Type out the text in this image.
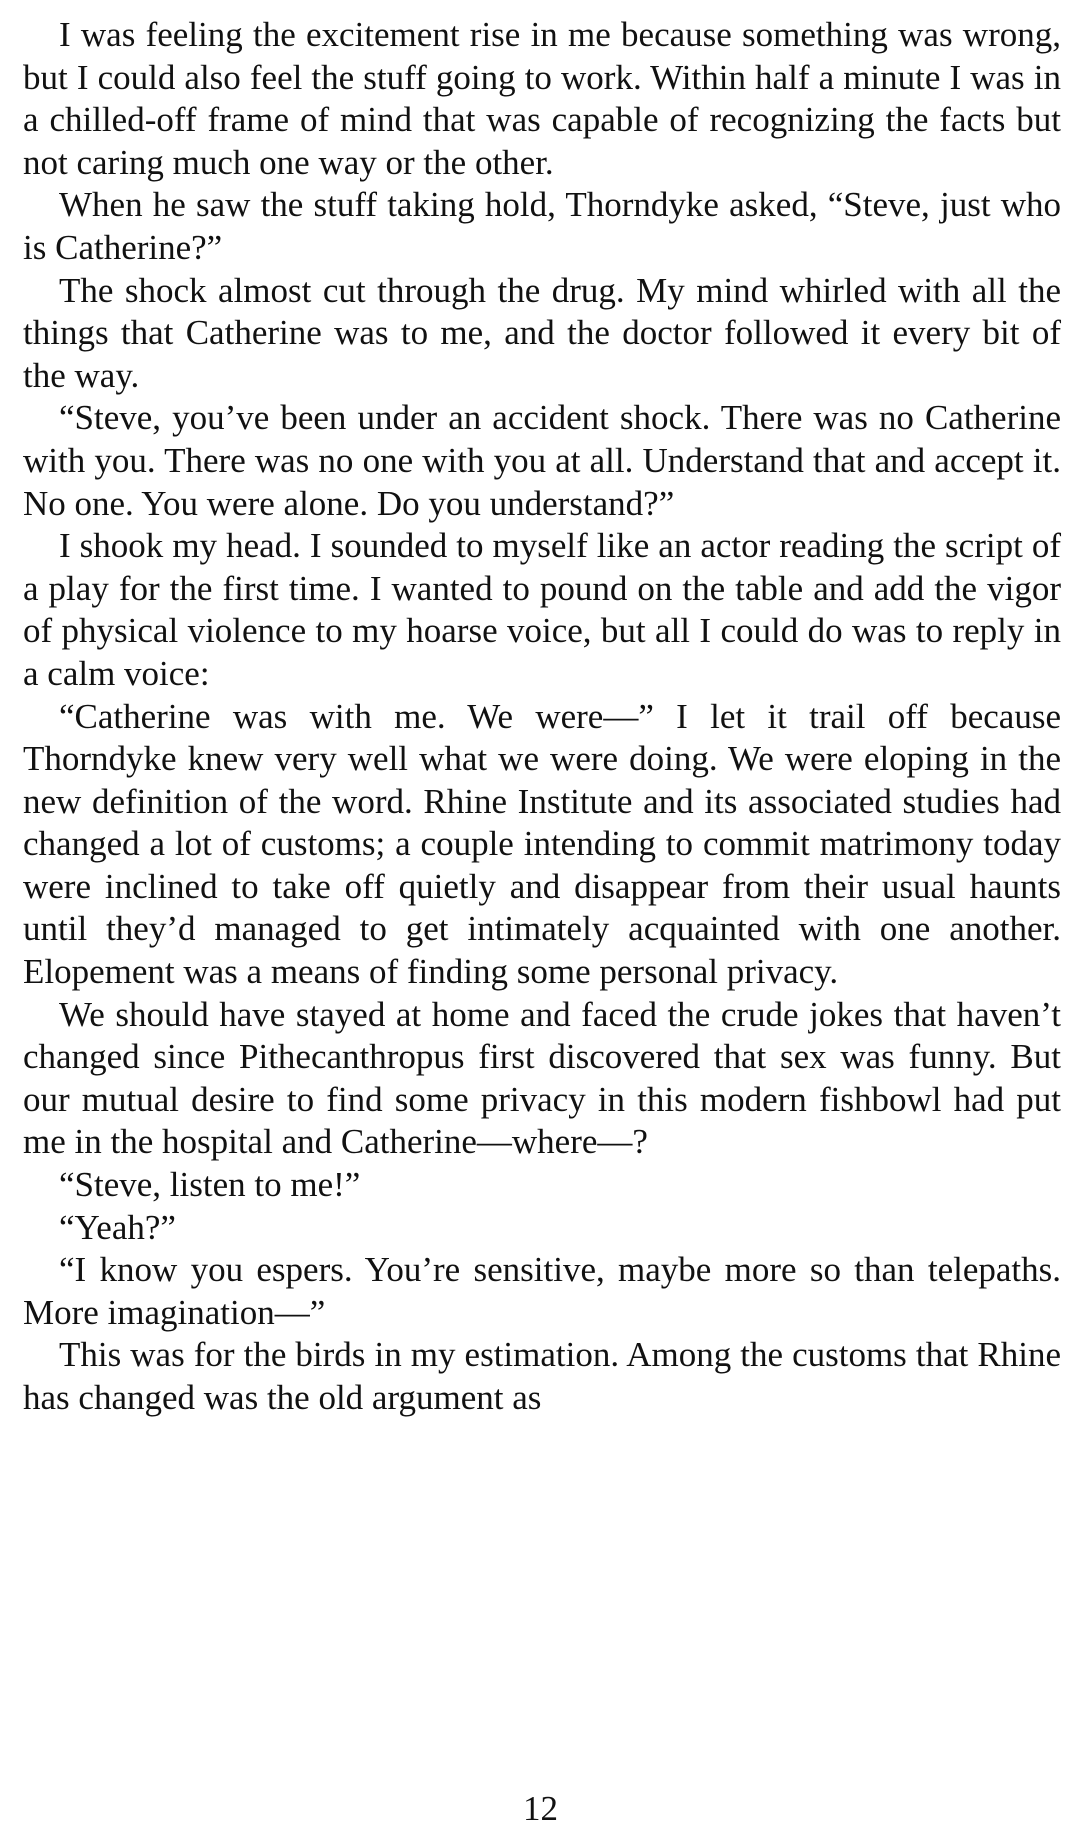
I was feeling the excitement rise in me because something was wrong, but I could also feel the stuff going to work. Within half a minute I was in a chilled-off frame of mind that was capable of recognizing the facts but not caring much one way or the other.

When he saw the stuff taking hold, Thorndyke asked, “Steve, just who is Catherine?”

The shock almost cut through the drug. My mind whirled with all the things that Catherine was to me, and the doctor followed it every bit of the way.

“Steve, you’ve been under an accident shock. There was no Catherine with you. There was no one with you at all. Understand that and accept it. No one. You were alone. Do you understand?”

I shook my head. I sounded to myself like an actor reading the script of a play for the first time. I wanted to pound on the table and add the vigor of physical violence to my hoarse voice, but all I could do was to reply in a calm voice:

“Catherine was with me. We were—” I let it trail off because Thorndyke knew very well what we were doing. We were eloping in the new definition of the word. Rhine Institute and its associated studies had changed a lot of customs; a couple intending to commit matrimony today were inclined to take off quietly and disappear from their usual haunts until they’d managed to get intimately acquainted with one another. Elopement was a means of finding some personal privacy.

We should have stayed at home and faced the crude jokes that haven’t changed since Pithecanthropus first discovered that sex was funny. But our mutual desire to find some privacy in this modern fishbowl had put me in the hospital and Catherine—where—?

“Steve, listen to me!”

“Yeah?”

“I know you espers. You’re sensitive, maybe more so than telepaths. More imagination—”

This was for the birds in my estimation. Among the customs that Rhine has changed was the old argument as

12
